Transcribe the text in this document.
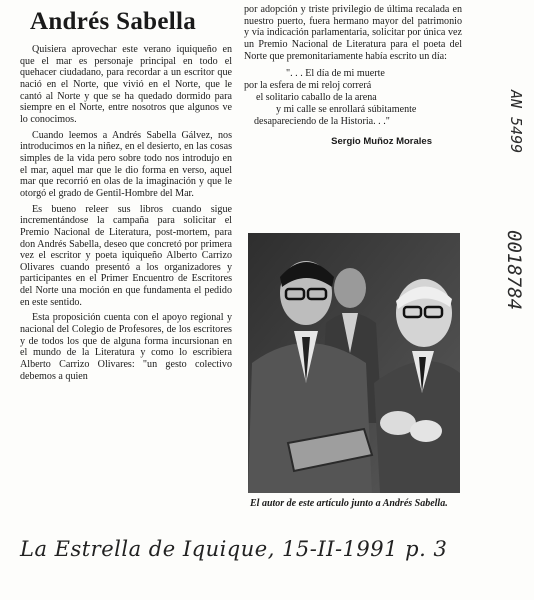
Andrés Sabella

Quisiera aprovechar este verano iquiqueño en que el mar es personaje principal en todo el quehacer ciudadano, para recordar a un escritor que nació en el Norte, que vivió en el Norte, que le cantó al Norte y que se ha quedado dormido para siempre en el Norte, entre nosotros que algunos ve lo conocimos.

Cuando leemos a Andrés Sabella Gálvez, nos introducimos en la niñez, en el desierto, en las cosas simples de la vida pero sobre todo nos introdujo en el mar, aquel mar que le dio forma en verso, aquel mar que recorrió en olas de la imaginación y que le otorgó el grado de Gentil-Hombre del Mar.

Es bueno releer sus libros cuando sigue incrementándose la campaña para solicitar el Premio Nacional de Literatura, post-mortem, para don Andrés Sabella, deseo que concretó por primera vez el escritor y poeta iquiqueño Alberto Carrizo Olivares cuando presentó a los organizadores y participantes en el Primer Encuentro de Escritores del Norte una moción en que fundamenta el pedido en este sentido.

Esta proposición cuenta con el apoyo regional y nacional del Colegio de Profesores, de los escritores y de todos los que de alguna forma incursionan en el mundo de la Literatura y como lo escribiera Alberto Carrizo Olivares: "un gesto colectivo debemos a quien

por adopción y triste privilegio de última recalada en nuestro puerto, fuera hermano mayor del patrimonio y vía indicación parlamentaria, solicitar por única vez un Premio Nacional de Literatura para el poeta del Norte que premonitariamente había escrito un día:

". . . El día de mi muerte
por la esfera de mi reloj correrá
el solitario caballo de la arena
y mi calle se enrollará súbitamente
desapareciendo de la Historia. . ."
Sergio Muñoz Morales
El autor de este artículo junto a Andrés Sabella.
La Estrella de Iquique, 15-II-1991 p. 3
AN 5499
0018784
